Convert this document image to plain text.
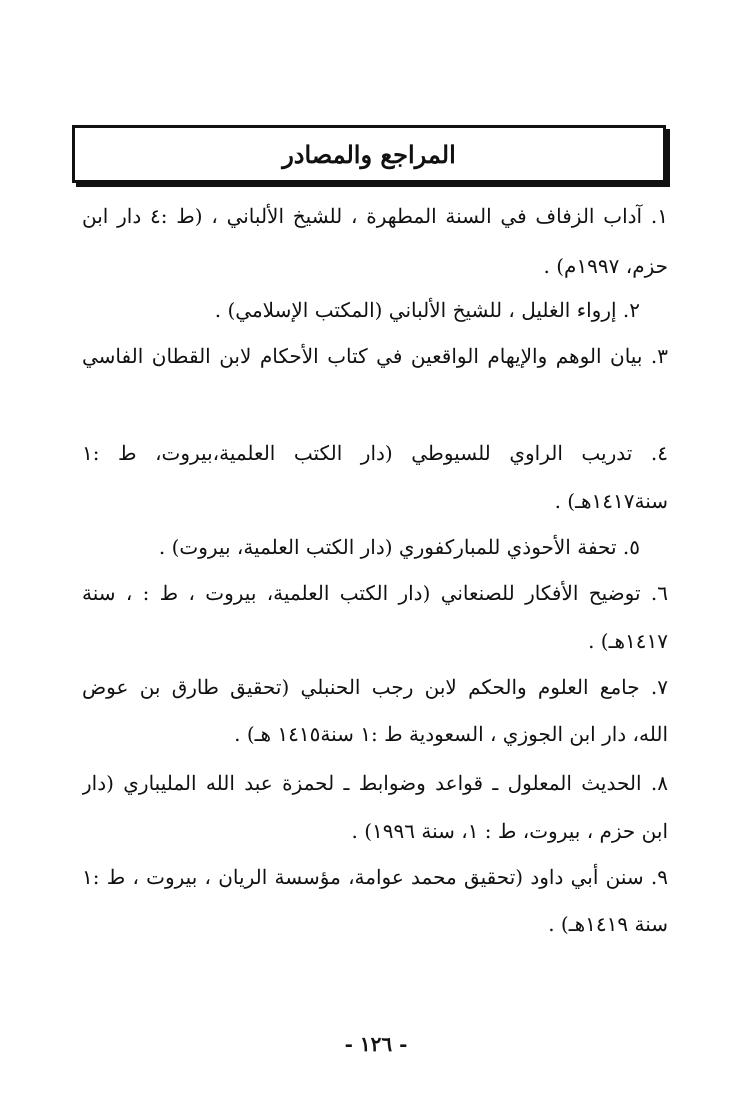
المراجع والمصادر
١. آداب الزفاف في السنة المطهرة ، للشيخ الألباني ، (ط :٤ دار ابن
حزم، ١٩٩٧م) .
٢. إرواء الغليل ، للشيخ الألباني (المكتب الإسلامي) .
٣. بيان الوهم والإيهام الواقعين في كتاب الأحكام لابن القطان الفاسي
٤. تدريب الراوي للسيوطي (دار الكتب العلمية،بيروت، ط :١
سنة١٤١٧هـ) .
٥. تحفة الأحوذي للمباركفوري (دار الكتب العلمية، بيروت) .
٦. توضيح الأفكار للصنعاني (دار الكتب العلمية، بيروت ، ط : ، سنة
١٤١٧هـ) .
٧. جامع العلوم والحكم لابن رجب الحنبلي (تحقيق طارق بن عوض
الله، دار ابن الجوزي ، السعودية ط :١ سنة١٤١٥ هـ) .
٨. الحديث المعلول ـ قواعد وضوابط ـ لحمزة عبد الله المليباري (دار
ابن حزم ، بيروت، ط : ١، سنة ١٩٩٦) .
٩. سنن أبي داود (تحقيق محمد عوامة، مؤسسة الريان ، بيروت ، ط :١
سنة ١٤١٩هـ) .
- ١٢٦ -
